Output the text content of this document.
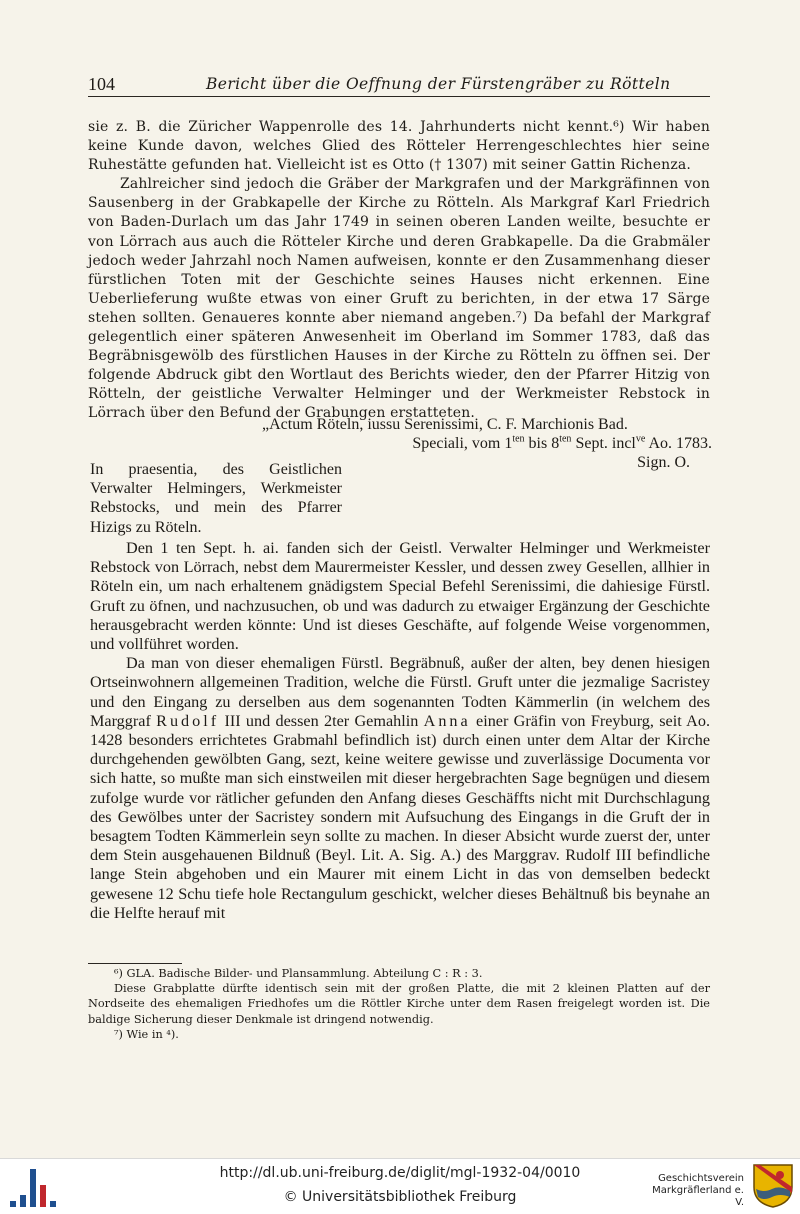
104	Bericht über die Oeffnung der Fürstengräber zu Rötteln

sie z. B. die Züricher Wappenrolle des 14. Jahrhunderts nicht kennt.⁶) Wir haben keine Kunde davon, welches Glied des Rötteler Herrengeschlechtes hier seine Ruhestätte gefunden hat. Vielleicht ist es Otto († 1307) mit seiner Gattin Richenza.

Zahlreicher sind jedoch die Gräber der Markgrafen und der Markgräfinnen von Sausenberg in der Grabkapelle der Kirche zu Rötteln. Als Markgraf Karl Friedrich von Baden-Durlach um das Jahr 1749 in seinen oberen Landen weilte, besuchte er von Lörrach aus auch die Rötteler Kirche und deren Grabkapelle. Da die Grabmäler jedoch weder Jahrzahl noch Namen aufweisen, konnte er den Zusammenhang dieser fürstlichen Toten mit der Geschichte seines Hauses nicht erkennen. Eine Ueberlieferung wußte etwas von einer Gruft zu berichten, in der etwa 17 Särge stehen sollten. Genaueres konnte aber niemand angeben.⁷) Da befahl der Markgraf gelegentlich einer späteren Anwesenheit im Oberland im Sommer 1783, daß das Begräbnisgewölb des fürstlichen Hauses in der Kirche zu Rötteln zu öffnen sei. Der folgende Abdruck gibt den Wortlaut des Berichts wieder, den der Pfarrer Hitzig von Rötteln, der geistliche Verwalter Helminger und der Werkmeister Rebstock in Lörrach über den Befund der Grabungen erstatteten.

„Actum Röteln, iussu Serenissimi, C. F. Marchionis Bad.
Speciali, vom $1^{ten}$ bis $8^{ten}$ Sept. incl$^{ve}$ Ao. 1783.
Sign. O.
In praesentia, des Geistlichen Verwalter Helmingers, Werkmeister Rebstocks, und mein des Pfarrer Hizigs zu Röteln.

Den 1 ten Sept. h. ai. fanden sich der Geistl. Verwalter Helminger und Werkmeister Rebstock von Lörrach, nebst dem Maurermeister Kessler, und dessen zwey Gesellen, allhier in Röteln ein, um nach erhaltenem gnädigstem Special Befehl Serenissimi, die dahiesige Fürstl. Gruft zu öfnen, und nachzusuchen, ob und was dadurch zu etwaiger Ergänzung der Geschichte herausgebracht werden könnte: Und ist dieses Geschäfte, auf folgende Weise vorgenommen, und vollführet worden.

Da man von dieser ehemaligen Fürstl. Begräbnuß, außer der alten, bey denen hiesigen Ortseinwohnern allgemeinen Tradition, welche die Fürstl. Gruft unter die jezmalige Sacristey und den Eingang zu derselben aus dem sogenannten Todten Kämmerlin (in welchem des Marggraf Rudolf III und dessen 2ter Gemahlin Anna einer Gräfin von Freyburg, seit Ao. 1428 besonders errichtetes Grabmahl befindlich ist) durch einen unter dem Altar der Kirche durchgehenden gewölbten Gang, sezt, keine weitere gewisse und zuverlässige Documenta vor sich hatte, so mußte man sich einstweilen mit dieser hergebrachten Sage begnügen und diesem zufolge wurde vor rätlicher gefunden den Anfang dieses Geschäffts nicht mit Durchschlagung des Gewölbes unter der Sacristey sondern mit Aufsuchung des Eingangs in die Gruft der in besagtem Todten Kämmerlein seyn sollte zu machen. In dieser Absicht wurde zuerst der, unter dem Stein ausgehauenen Bildnuß (Beyl. Lit. A. Sig. A.) des Marggrav. Rudolf III befindliche lange Stein abgehoben und ein Maurer mit einem Licht in das von demselben bedeckt gewesene 12 Schu tiefe hole Rectangulum geschickt, welcher dieses Behältnuß bis beynahe an die Helfte herauf mit

⁶) GLA. Badische Bilder- und Plansammlung. Abteilung C : R : 3.

Diese Grabplatte dürfte identisch sein mit der großen Platte, die mit 2 kleinen Platten auf der Nordseite des ehemaligen Friedhofes um die Röttler Kirche unter dem Rasen freigelegt worden ist. Die baldige Sicherung dieser Denkmale ist dringend notwendig.

⁷) Wie in ⁴).

http://dl.ub.uni-freiburg.de/diglit/mgl-1932-04/0010
© Universitätsbibliothek Freiburg
Geschichtsverein
Markgräflerland e. V.
